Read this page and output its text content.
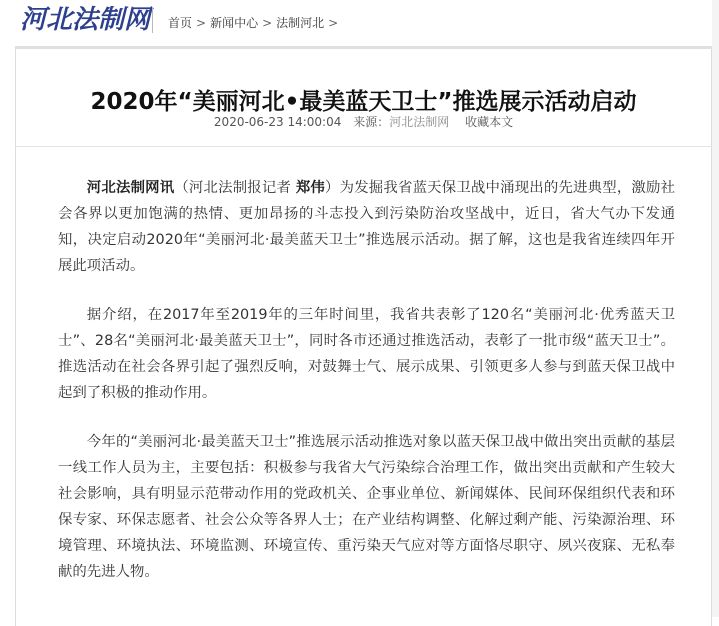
河北法制网 首页 > 新闻中心 > 法制河北 >
2020年“美丽河北•最美蓝天卫士”推选展示活动启动
2020-06-23 14:00:04 来源：河北法制网 收藏本文

河北法制网讯（河北法制报记者 郑伟）为发掘我省蓝天保卫战中涌现出的先进典型，激励社会各界以更加饱满的热情、更加昂扬的斗志投入到污染防治攻坚战中，近日，省大气办下发通知，决定启动2020年“美丽河北·最美蓝天卫士”推选展示活动。据了解，这也是我省连续四年开展此项活动。

据介绍，在2017年至2019年的三年时间里，我省共表彰了120名“美丽河北·优秀蓝天卫士”、28名“美丽河北·最美蓝天卫士”，同时各市还通过推选活动，表彰了一批市级“蓝天卫士”。推选活动在社会各界引起了强烈反响，对鼓舞士气、展示成果、引领更多人参与到蓝天保卫战中起到了积极的推动作用。

今年的“美丽河北·最美蓝天卫士”推选展示活动推选对象以蓝天保卫战中做出突出贡献的基层一线工作人员为主，主要包括：积极参与我省大气污染综合治理工作，做出突出贡献和产生较大社会影响，具有明显示范带动作用的党政机关、企事业单位、新闻媒体、民间环保组织代表和环保专家、环保志愿者、社会公众等各界人士；在产业结构调整、化解过剩产能、污染源治理、环境管理、环境执法、环境监测、环境宣传、重污染天气应对等方面恪尽职守、夙兴夜寐、无私奉献的先进人物。
